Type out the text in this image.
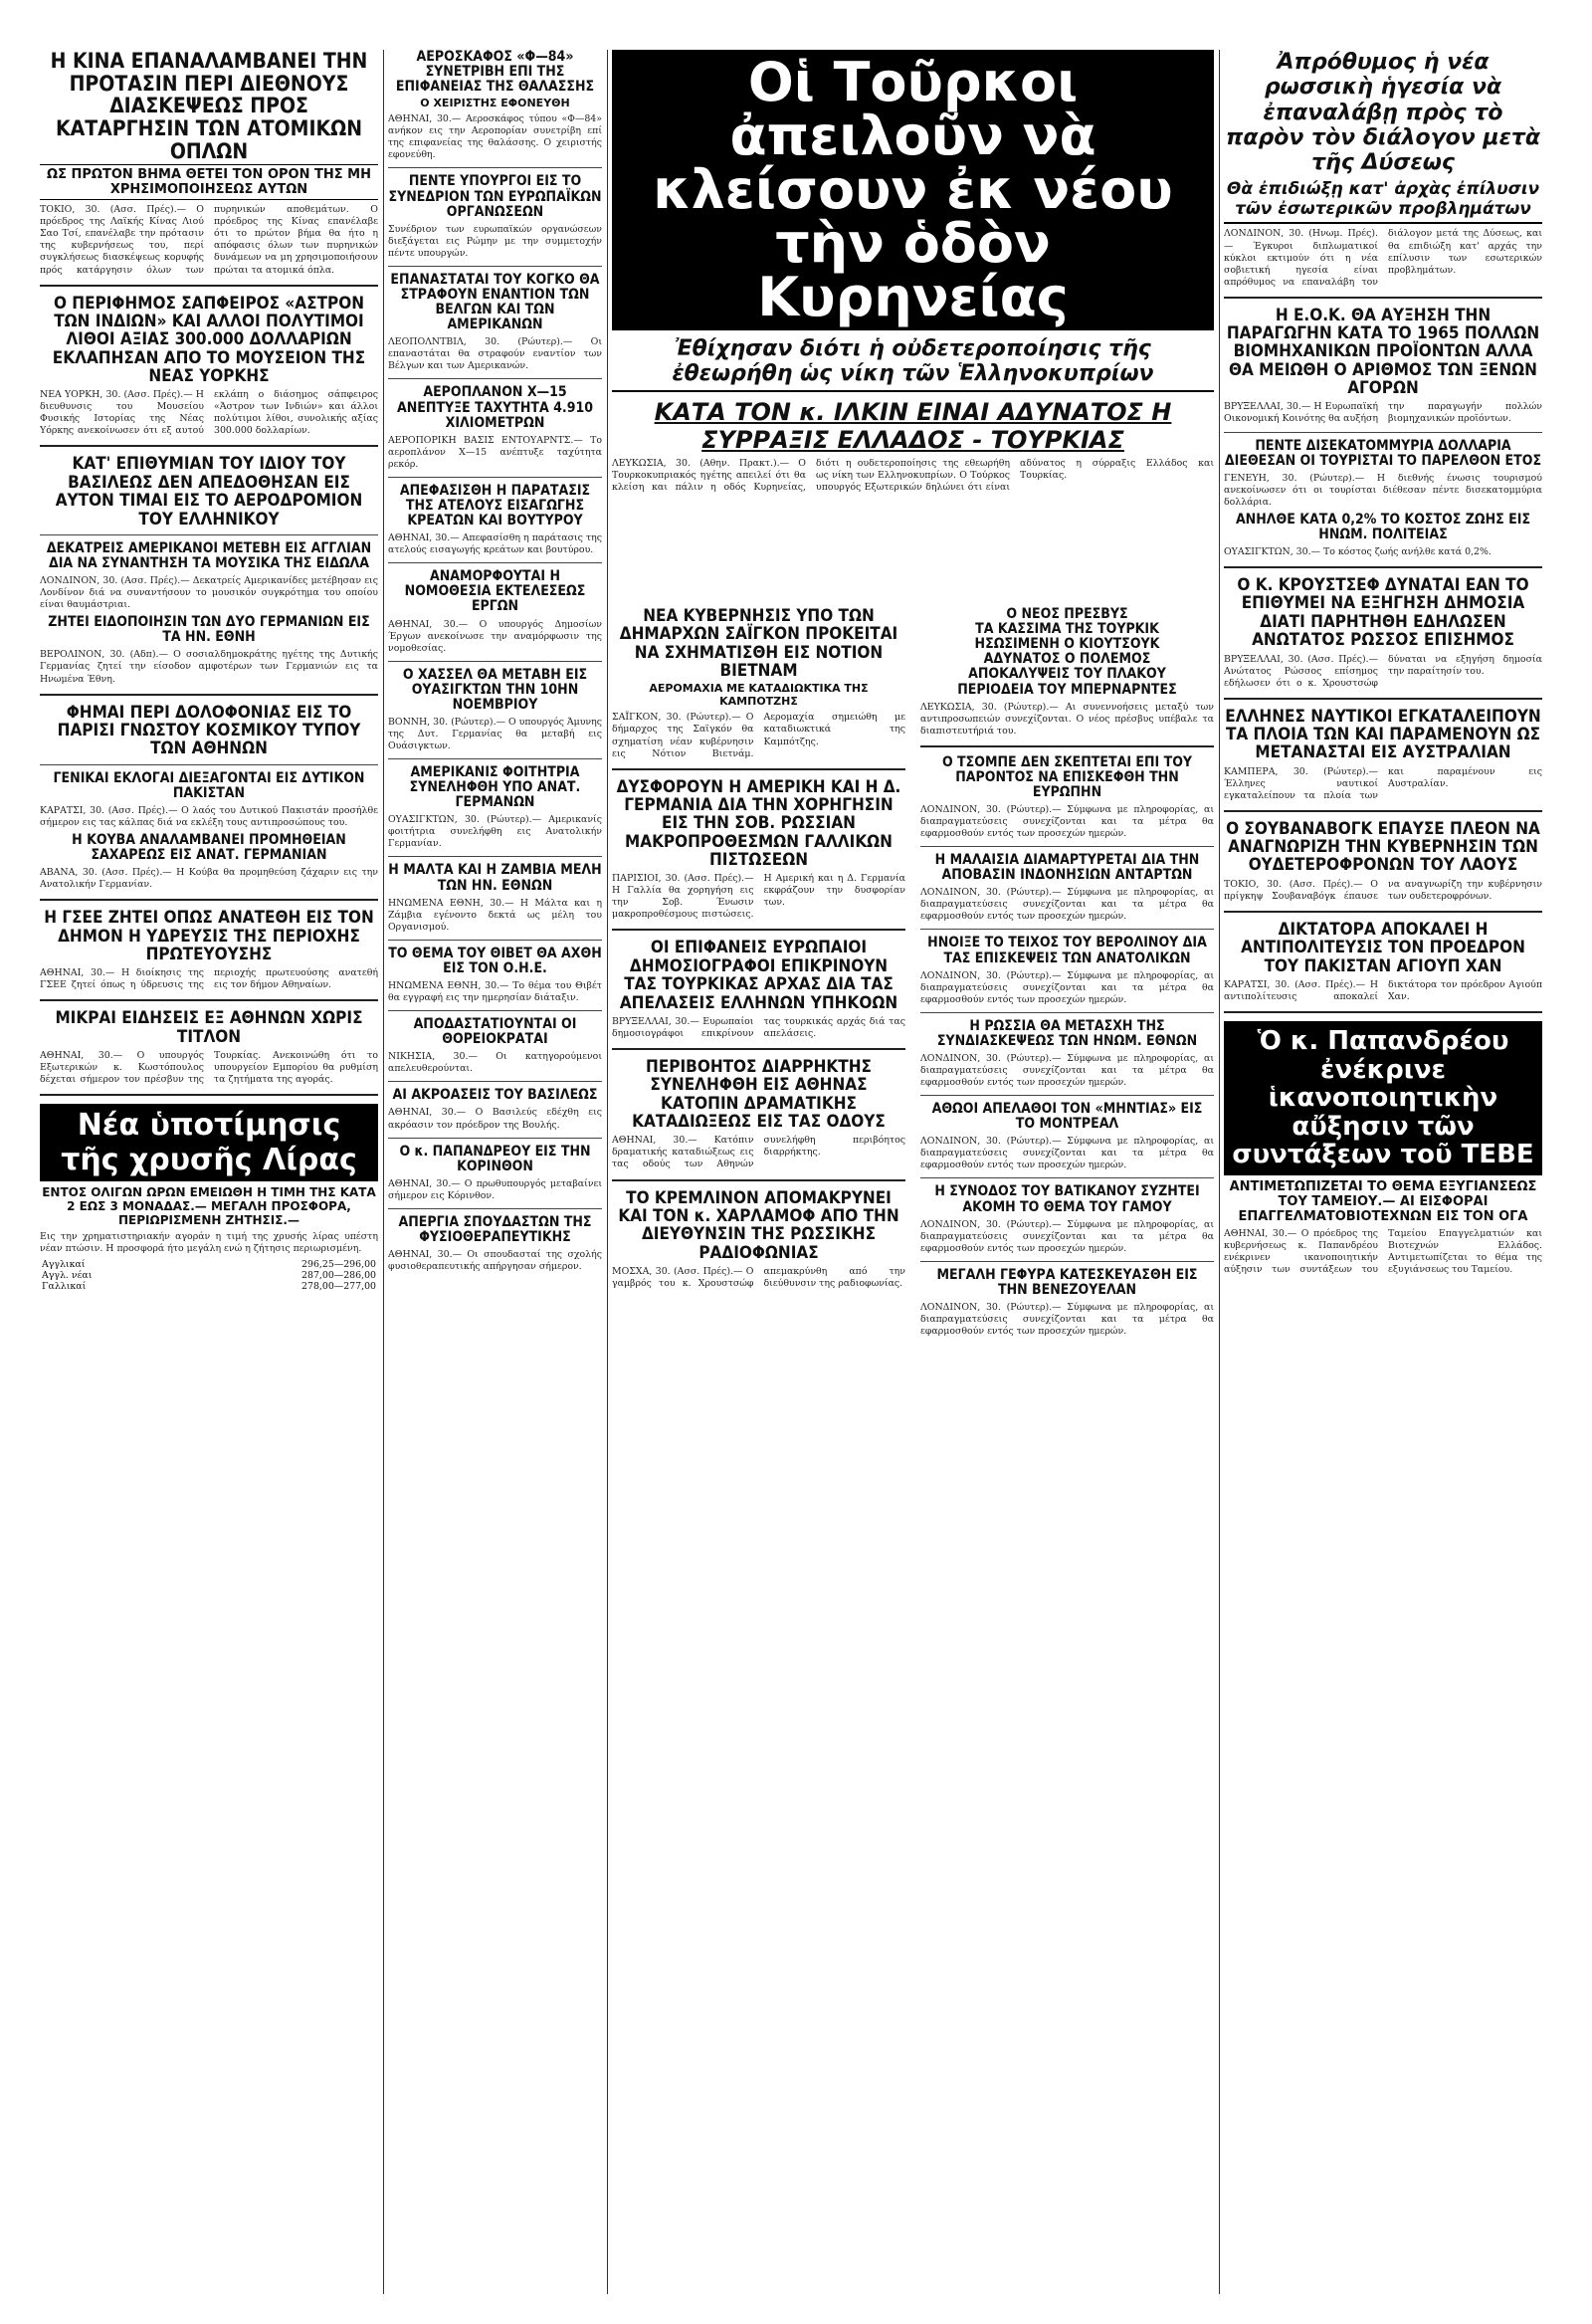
Η ΚΙΝΑ ΕΠΑΝΑΛΑΜΒΑΝΕΙ ΤΗΝ ΠΡΟΤΑΣΙΝ ΠΕΡΙ ΔΙΕΘΝΟΥΣ ΔΙΑΣΚΕΨΕΩΣ ΠΡΟΣ ΚΑΤΑΡΓΗΣΙΝ ΤΩΝ ΑΤΟΜΙΚΩΝ ΟΠΛΩΝ
ΩΣ ΠΡΩΤΟΝ ΒΗΜΑ ΘΕΤΕΙ ΤΟΝ ΟΡΟΝ ΤΗΣ ΜΗ ΧΡΗΣΙΜΟΠΟΙΗΣΕΩΣ ΑΥΤΩΝ

ΤΟΚΙΟ, 30. (Ασσ. Πρές).— Ο πρόεδρος της Λαϊκής Κίνας Λιού Σαο Τσί, επανέλαβε την πρότασιν της κυβερνήσεως του, περί συγκλήσεως διασκέψεως κορυφής πρός κατάργησιν όλων των πυρηνικών αποθεμάτων. Ο πρόεδρος της Κίνας επανέλαβε ότι το πρώτον βήμα θα ήτο η απόφασις όλων των πυρηνικών δυνάμεων να μη χρησιμοποιήσουν πρώται τα ατομικά όπλα.

Ο ΠΕΡΙΦΗΜΟΣ ΣΑΠΦΕΙΡΟΣ «ΑΣΤΡΟΝ ΤΩΝ ΙΝΔΙΩΝ» ΚΑΙ ΑΛΛΟΙ ΠΟΛΥΤΙΜΟΙ ΛΙΘΟΙ ΑΞΙΑΣ 300.000 ΔΟΛΛΑΡΙΩΝ ΕΚΛΑΠΗΣΑΝ ΑΠΟ ΤΟ ΜΟΥΣΕΙΟΝ ΤΗΣ ΝΕΑΣ ΥΟΡΚΗΣ

ΝΕΑ ΥΟΡΚΗ, 30. (Ασσ. Πρές).— Η διευθυνσις του Μουσείου Φυσικής Ιστορίας της Νέας Υόρκης ανεκοίνωσεν ότι εξ αυτού εκλάπη ο διάσημος σάπφειρος «Άστρον των Ινδιών» και άλλοι πολύτιμοι λίθοι, συνολικής αξίας 300.000 δολλαρίων.

ΚΑΤ' ΕΠΙΘΥΜΙΑΝ ΤΟΥ ΙΔΙΟΥ ΤΟΥ ΒΑΣΙΛΕΩΣ ΔΕΝ ΑΠΕΔΟΘΗΣΑΝ ΕΙΣ ΑΥΤΟΝ ΤΙΜΑΙ ΕΙΣ ΤΟ ΑΕΡΟΔΡΟΜΙΟΝ ΤΟΥ ΕΛΛΗΝΙΚΟΥ
ΔΕΚΑΤΡΕΙΣ ΑΜΕΡΙΚΑΝΟΙ ΜΕΤΕΒΗ ΕΙΣ ΑΓΓΛΙΑΝ ΔΙΑ ΝΑ ΣΥΝΑΝΤΗΣΗ ΤΑ ΜΟΥΣΙΚΑ ΤΗΣ ΕΙΔΩΛΑ

ΛΟΝΔΙΝΟΝ, 30. (Ασσ. Πρές).— Δεκατρείς Αμερικανίδες μετέβησαν εις Λονδίνον διά να συναντήσουν το μουσικόν συγκρότημα του οποίου είναι θαυμάστριαι.

ΖΗΤΕΙ ΕΙΔΟΠΟΙΗΣΙΝ ΤΩΝ ΔΥΟ ΓΕΡΜΑΝΙΩΝ ΕΙΣ ΤΑ ΗΝ. ΕΘΝΗ

ΒΕΡΟΛΙΝΟΝ, 30. (Αδπ).— Ο σοσιαλδημοκράτης ηγέτης της Δυτικής Γερμανίας ζητεί την είσοδον αμφοτέρων των Γερμανιών εις τα Ηνωμένα Έθνη.

ΦΗΜΑΙ ΠΕΡΙ ΔΟΛΟΦΟΝΙΑΣ ΕΙΣ ΤΟ ΠΑΡΙΣΙ ΓΝΩΣΤΟΥ ΚΟΣΜΙΚΟΥ ΤΥΠΟΥ ΤΩΝ ΑΘΗΝΩΝ
ΓΕΝΙΚΑΙ ΕΚΛΟΓΑΙ ΔΙΕΞΑΓΟΝΤΑΙ ΕΙΣ ΔΥΤΙΚΟΝ ΠΑΚΙΣΤΑΝ

ΚΑΡΑΤΣΙ, 30. (Ασσ. Πρές).— Ο λαός του Δυτικού Πακιστάν προσήλθε σήμερον εις τας κάλπας διά να εκλέξη τους αντιπροσώπους του.

Η ΚΟΥΒΑ ΑΝΑΛΑΜΒΑΝΕΙ ΠΡΟΜΗΘΕΙΑΝ ΣΑΧΑΡΕΩΣ ΕΙΣ ΑΝΑΤ. ΓΕΡΜΑΝΙΑΝ

ΑΒΑΝΑ, 30. (Ασσ. Πρές).— Η Κούβα θα προμηθεύση ζάχαριν εις την Ανατολικήν Γερμανίαν.

Η ΓΣΕΕ ΖΗΤΕΙ ΟΠΩΣ ΑΝΑΤΕΘΗ ΕΙΣ ΤΟΝ ΔΗΜΟΝ Η ΥΔΡΕΥΣΙΣ ΤΗΣ ΠΕΡΙΟΧΗΣ ΠΡΩΤΕΥΟΥΣΗΣ

ΑΘΗΝΑΙ, 30.— Η διοίκησις της ΓΣΕΕ ζητεί όπως η ύδρευσις της περιοχής πρωτευούσης ανατεθή εις τον δήμον Αθηναίων.

ΜΙΚΡΑΙ ΕΙΔΗΣΕΙΣ ΕΞ ΑΘΗΝΩΝ ΧΩΡΙΣ ΤΙΤΛΟΝ

ΑΘΗΝΑΙ, 30.— Ο υπουργός Εξωτερικών κ. Κωστόπουλος δέχεται σήμερον τον πρέσβυν της Τουρκίας. Ανεκοινώθη ότι το υπουργείον Εμπορίου θα ρυθμίση τα ζητήματα της αγοράς.

Νέα ὑποτίμησις τῆς χρυσῆς Λίρας
ΕΝΤΟΣ ΟΛΙΓΩΝ ΩΡΩΝ ΕΜΕΙΩΘΗ Η ΤΙΜΗ ΤΗΣ ΚΑΤΑ 2 ΕΩΣ 3 ΜΟΝΑΔΑΣ.— ΜΕΓΑΛΗ ΠΡΟΣΦΟΡΑ, ΠΕΡΙΩΡΙΣΜΕΝΗ ΖΗΤΗΣΙΣ.—

Εις την χρηματιστηριακήν αγοράν η τιμή της χρυσής λίρας υπέστη νέαν πτώσιν. Η προσφορά ήτο μεγάλη ενώ η ζήτησις περιωρισμένη.

Αγγλικαί	296,25—296,00
Αγγλ. νέαι	287,00—286,00
Γαλλικαί	278,00—277,00
ΑΕΡΟΣΚΑΦΟΣ «Φ—84» ΣΥΝΕΤΡΙΒΗ ΕΠΙ ΤΗΣ ΕΠΙΦΑΝΕΙΑΣ ΤΗΣ ΘΑΛΑΣΣΗΣ
Ο ΧΕΙΡΙΣΤΗΣ ΕΦΟΝΕΥΘΗ

ΑΘΗΝΑΙ, 30.— Αεροσκάφος τύπου «Φ—84» ανήκον εις την Αεροπορίαν συνετρίβη επί της επιφανείας της θαλάσσης. Ο χειριστής εφονεύθη.

ΠΕΝΤΕ ΥΠΟΥΡΓΟΙ ΕΙΣ ΤΟ ΣΥΝΕΔΡΙΟΝ ΤΩΝ ΕΥΡΩΠΑΪΚΩΝ ΟΡΓΑΝΩΣΕΩΝ

Συνέδριον των ευρωπαϊκών οργανώσεων διεξάγεται εις Ρώμην με την συμμετοχήν πέντε υπουργών.

ΕΠΑΝΑΣΤΑΤΑΙ ΤΟΥ ΚΟΓΚΟ ΘΑ ΣΤΡΑΦΟΥΝ ΕΝΑΝΤΙΟΝ ΤΩΝ ΒΕΛΓΩΝ ΚΑΙ ΤΩΝ ΑΜΕΡΙΚΑΝΩΝ

ΛΕΟΠΟΛΝΤΒΙΛ, 30. (Ρώυτερ).— Οι επαναστάται θα στραφούν εναντίον των Βέλγων και των Αμερικανών.

ΑΕΡΟΠΛΑΝΟΝ Χ—15 ΑΝΕΠΤΥΞΕ ΤΑΧΥΤΗΤΑ 4.910 ΧΙΛΙΟΜΕΤΡΩΝ

ΑΕΡΟΠΟΡΙΚΗ ΒΑΣΙΣ ΕΝΤΟΥΑΡΝΤΣ.— Το αεροπλάνον Χ—15 ανέπτυξε ταχύτητα ρεκόρ.

ΑΠΕΦΑΣΙΣΘΗ Η ΠΑΡΑΤΑΣΙΣ ΤΗΣ ΑΤΕΛΟΥΣ ΕΙΣΑΓΩΓΗΣ ΚΡΕΑΤΩΝ ΚΑΙ ΒΟΥΤΥΡΟΥ

ΑΘΗΝΑΙ, 30.— Απεφασίσθη η παράτασις της ατελούς εισαγωγής κρεάτων και βουτύρου.

ΑΝΑΜΟΡΦΟΥΤΑΙ Η ΝΟΜΟΘΕΣΙΑ ΕΚΤΕΛΕΣΕΩΣ ΕΡΓΩΝ

ΑΘΗΝΑΙ, 30.— Ο υπουργός Δημοσίων Έργων ανεκοίνωσε την αναμόρφωσιν της νομοθεσίας.

Ο ΧΑΣΣΕΛ ΘΑ ΜΕΤΑΒΗ ΕΙΣ ΟΥΑΣΙΓΚΤΩΝ ΤΗΝ 10ΗΝ ΝΟΕΜΒΡΙΟΥ

ΒΟΝΝΗ, 30. (Ρώυτερ).— Ο υπουργός Άμυνης της Δυτ. Γερμανίας θα μεταβή εις Ουάσιγκτων.

ΑΜΕΡΙΚΑΝΙΣ ΦΟΙΤΗΤΡΙΑ ΣΥΝΕΛΗΦΘΗ ΥΠΟ ΑΝΑΤ. ΓΕΡΜΑΝΩΝ

ΟΥΑΣΙΓΚΤΩΝ, 30. (Ρώυτερ).— Αμερικανίς φοιτήτρια συνελήφθη εις Ανατολικήν Γερμανίαν.

Η ΜΑΛΤΑ ΚΑΙ Η ΖΑΜΒΙΑ ΜΕΛΗ ΤΩΝ ΗΝ. ΕΘΝΩΝ

ΗΝΩΜΕΝΑ ΕΘΝΗ, 30.— Η Μάλτα και η Ζάμβια εγένοντο δεκτά ως μέλη του Οργανισμού.

ΤΟ ΘΕΜΑ ΤΟΥ ΘΙΒΕΤ ΘΑ ΑΧΘΗ ΕΙΣ ΤΟΝ Ο.Η.Ε.

ΗΝΩΜΕΝΑ ΕΘΝΗ, 30.— Το θέμα του Θιβέτ θα εγγραφή εις την ημερησίαν διάταξιν.

ΑΠΟΔΑΣΤΑΤΙΟΥΝΤΑΙ ΟΙ ΘΟΡΕΙΟΚΡΑΤΑΙ

ΝΙΚΗΣΙΑ, 30.— Οι κατηγορούμενοι απελευθερούνται.

ΑΙ ΑΚΡΟΑΣΕΙΣ ΤΟΥ ΒΑΣΙΛΕΩΣ

ΑΘΗΝΑΙ, 30.— Ο Βασιλεύς εδέχθη εις ακρόασιν τον πρόεδρον της Βουλής.

Ο κ. ΠΑΠΑΝΔΡΕΟΥ ΕΙΣ ΤΗΝ ΚΟΡΙΝΘΟΝ

ΑΘΗΝΑΙ, 30.— Ο πρωθυπουργός μεταβαίνει σήμερον εις Κόρινθον.

ΑΠΕΡΓΙΑ ΣΠΟΥΔΑΣΤΩΝ ΤΗΣ ΦΥΣΙΟΘΕΡΑΠΕΥΤΙΚΗΣ

ΑΘΗΝΑΙ, 30.— Οι σπουδασταί της σχολής φυσιοθεραπευτικής απήργησαν σήμερον.

Οἱ Τοῦρκοι ἀπειλοῦν νὰ κλείσουν ἐκ νέου τὴν ὁδὸν Κυρηνείας
Ἐθίχησαν διότι ἡ οὐδετεροποίησις τῆς
ἐθεωρήθη ὡς νίκη τῶν Ἑλληνοκυπρίων
ΚΑΤΑ ΤΟΝ κ. ΙΛΚΙΝ ΕΙΝΑΙ ΑΔΥΝΑΤΟΣ Η ΣΥΡΡΑΞΙΣ ΕΛΛΑΔΟΣ - ΤΟΥΡΚΙΑΣ

ΛΕΥΚΩΣΙΑ, 30. (Αθην. Πρακτ.).— Ο Τουρκοκυπριακός ηγέτης απειλεί ότι θα κλείση και πάλιν η οδός Κυρηνείας, διότι η ουδετεροποίησις της εθεωρήθη ως νίκη των Ελληνοκυπρίων. Ο Τούρκος υπουργός Εξωτερικών δηλώνει ότι είναι αδύνατος η σύρραξις Ελλάδος και Τουρκίας.

ΝΕΑ ΚΥΒΕΡΝΗΣΙΣ ΥΠΟ ΤΩΝ ΔΗΜΑΡΧΩΝ ΣΑΪΓΚΟΝ ΠΡΟΚΕΙΤΑΙ ΝΑ ΣΧΗΜΑΤΙΣΘΗ ΕΙΣ ΝΟΤΙΟΝ ΒΙΕΤΝΑΜ
ΑΕΡΟΜΑΧΙΑ ΜΕ ΚΑΤΑΔΙΩΚΤΙΚΑ ΤΗΣ ΚΑΜΠΟΤΖΗΣ

ΣΑΪΓΚΟΝ, 30. (Ρώυτερ).— Ο δήμαρχος της Σαϊγκόν θα σχηματίση νέαν κυβέρνησιν εις Νότιον Βιετνάμ. Αερομαχία σημειώθη με καταδιωκτικά της Καμπότζης.

ΔΥΣΦΟΡΟΥΝ Η ΑΜΕΡΙΚΗ ΚΑΙ Η Δ. ΓΕΡΜΑΝΙΑ ΔΙΑ ΤΗΝ ΧΟΡΗΓΗΣΙΝ ΕΙΣ ΤΗΝ ΣΟΒ. ΡΩΣΣΙΑΝ ΜΑΚΡΟΠΡΟΘΕΣΜΩΝ ΓΑΛΛΙΚΩΝ ΠΙΣΤΩΣΕΩΝ

ΠΑΡΙΣΙΟΙ, 30. (Ασσ. Πρές).— Η Γαλλία θα χορηγήση εις την Σοβ. Ένωσιν μακροπροθέσμους πιστώσεις. Η Αμερική και η Δ. Γερμανία εκφράζουν την δυσφορίαν των.

ΟΙ ΕΠΙΦΑΝΕΙΣ ΕΥΡΩΠΑΙΟΙ ΔΗΜΟΣΙΟΓΡΑΦΟΙ ΕΠΙΚΡΙΝΟΥΝ ΤΑΣ ΤΟΥΡΚΙΚΑΣ ΑΡΧΑΣ ΔΙΑ ΤΑΣ ΑΠΕΛΑΣΕΙΣ ΕΛΛΗΝΩΝ ΥΠΗΚΟΩΝ

ΒΡΥΞΕΛΛΑΙ, 30.— Ευρωπαίοι δημοσιογράφοι επικρίνουν τας τουρκικάς αρχάς διά τας απελάσεις.

ΠΕΡΙΒΟΗΤΟΣ ΔΙΑΡΡΗΚΤΗΣ ΣΥΝΕΛΗΦΘΗ ΕΙΣ ΑΘΗΝΑΣ ΚΑΤΟΠΙΝ ΔΡΑΜΑΤΙΚΗΣ ΚΑΤΑΔΙΩΞΕΩΣ ΕΙΣ ΤΑΣ ΟΔΟΥΣ

ΑΘΗΝΑΙ, 30.— Κατόπιν δραματικής καταδιώξεως εις τας οδούς των Αθηνών συνελήφθη περιβόητος διαρρήκτης.

ΤΟ ΚΡΕΜΛΙΝΟΝ ΑΠΟΜΑΚΡΥΝΕΙ ΚΑΙ ΤΟΝ κ. ΧΑΡΛΑΜΟΦ ΑΠΟ ΤΗΝ ΔΙΕΥΘΥΝΣΙΝ ΤΗΣ ΡΩΣΣΙΚΗΣ ΡΑΔΙΟΦΩΝΙΑΣ

ΜΟΣΧΑ, 30. (Ασσ. Πρές).— Ο γαμβρός του κ. Χρουστσώφ απεμακρύνθη από την διεύθυνσιν της ραδιοφωνίας.

Ο ΝΕΟΣ ΠΡΕΣΒΥΣ
ΤΑ ΚΑΣΣΙΜΑ ΤΗΣ ΤΟΥΡΚΙΚ
ΗΣΩΣΙΜΕΝΗ Ο ΚΙΟΥΤΣΟΥΚ
ΑΔΥΝΑΤΟΣ Ο ΠΟΛΕΜΟΣ
ΑΠΟΚΑΛΥΨΕΙΣ ΤΟΥ ΠΛΑΚΟΥ
ΠΕΡΙΟΔΕΙΑ ΤΟΥ ΜΠΕΡΝΑΡΝΤΕΣ

ΛΕΥΚΩΣΙΑ, 30. (Ρώυτερ).— Αι συνεννοήσεις μεταξύ των αντιπροσωπειών συνεχίζονται. Ο νέος πρέσβυς υπέβαλε τα διαπιστευτήριά του.

Ο ΤΣΟΜΠΕ ΔΕΝ ΣΚΕΠΤΕΤΑΙ ΕΠΙ ΤΟΥ ΠΑΡΟΝΤΟΣ ΝΑ ΕΠΙΣΚΕΦΘΗ ΤΗΝ ΕΥΡΩΠΗΝ

ΛΟΝΔΙΝΟΝ, 30. (Ρώυτερ).— Σύμφωνα με πληροφορίας, αι διαπραγματεύσεις συνεχίζονται και τα μέτρα θα εφαρμοσθούν εντός των προσεχών ημερών.

Η ΜΑΛΑΙΣΙΑ ΔΙΑΜΑΡΤΥΡΕΤΑΙ ΔΙΑ ΤΗΝ ΑΠΟΒΑΣΙΝ ΙΝΔΟΝΗΣΙΩΝ ΑΝΤΑΡΤΩΝ

ΛΟΝΔΙΝΟΝ, 30. (Ρώυτερ).— Σύμφωνα με πληροφορίας, αι διαπραγματεύσεις συνεχίζονται και τα μέτρα θα εφαρμοσθούν εντός των προσεχών ημερών.

ΗΝΟΙΞΕ ΤΟ ΤΕΙΧΟΣ ΤΟΥ ΒΕΡΟΛΙΝΟΥ ΔΙΑ ΤΑΣ ΕΠΙΣΚΕΨΕΙΣ ΤΩΝ ΑΝΑΤΟΛΙΚΩΝ

ΛΟΝΔΙΝΟΝ, 30. (Ρώυτερ).— Σύμφωνα με πληροφορίας, αι διαπραγματεύσεις συνεχίζονται και τα μέτρα θα εφαρμοσθούν εντός των προσεχών ημερών.

Η ΡΩΣΣΙΑ ΘΑ ΜΕΤΑΣΧΗ ΤΗΣ ΣΥΝΔΙΑΣΚΕΨΕΩΣ ΤΩΝ ΗΝΩΜ. ΕΘΝΩΝ

ΛΟΝΔΙΝΟΝ, 30. (Ρώυτερ).— Σύμφωνα με πληροφορίας, αι διαπραγματεύσεις συνεχίζονται και τα μέτρα θα εφαρμοσθούν εντός των προσεχών ημερών.

ΑΘΩΟΙ ΑΠΕΛΑΘΟΙ ΤΟΝ «ΜΗΝΤΙΑΣ» ΕΙΣ ΤΟ ΜΟΝΤΡΕΑΛ

ΛΟΝΔΙΝΟΝ, 30. (Ρώυτερ).— Σύμφωνα με πληροφορίας, αι διαπραγματεύσεις συνεχίζονται και τα μέτρα θα εφαρμοσθούν εντός των προσεχών ημερών.

Η ΣΥΝΟΔΟΣ ΤΟΥ ΒΑΤΙΚΑΝΟΥ ΣΥΖΗΤΕΙ ΑΚΟΜΗ ΤΟ ΘΕΜΑ ΤΟΥ ΓΑΜΟΥ

ΛΟΝΔΙΝΟΝ, 30. (Ρώυτερ).— Σύμφωνα με πληροφορίας, αι διαπραγματεύσεις συνεχίζονται και τα μέτρα θα εφαρμοσθούν εντός των προσεχών ημερών.

ΜΕΓΑΛΗ ΓΕΦΥΡΑ ΚΑΤΕΣΚΕΥΑΣΘΗ ΕΙΣ ΤΗΝ ΒΕΝΕΖΟΥΕΛΑΝ

ΛΟΝΔΙΝΟΝ, 30. (Ρώυτερ).— Σύμφωνα με πληροφορίας, αι διαπραγματεύσεις συνεχίζονται και τα μέτρα θα εφαρμοσθούν εντός των προσεχών ημερών.

Ἀπρόθυμος ἡ νέα ρωσσικὴ ἡγεσία νὰ ἐπαναλάβῃ πρὸς τὸ παρὸν τὸν διάλογον μετὰ τῆς Δύσεως
Θὰ ἐπιδιώξῃ κατ' ἀρχὰς ἐπίλυσιν
τῶν ἐσωτερικῶν προβλημάτων

ΛΟΝΔΙΝΟΝ, 30. (Ηνωμ. Πρές).— Έγκυροι διπλωματικοί κύκλοι εκτιμούν ότι η νέα σοβιετική ηγεσία είναι απρόθυμος να επαναλάβη τον διάλογον μετά της Δύσεως, και θα επιδιώξη κατ' αρχάς την επίλυσιν των εσωτερικών προβλημάτων.

Η Ε.Ο.Κ. ΘΑ ΑΥΞΗΣΗ ΤΗΝ ΠΑΡΑΓΩΓΗΝ ΚΑΤΑ ΤΟ 1965 ΠΟΛΛΩΝ ΒΙΟΜΗΧΑΝΙΚΩΝ ΠΡΟΪΟΝΤΩΝ ΑΛΛΑ ΘΑ ΜΕΙΩΘΗ Ο ΑΡΙΘΜΟΣ ΤΩΝ ΞΕΝΩΝ ΑΓΟΡΩΝ

ΒΡΥΞΕΛΛΑΙ, 30.— Η Ευρωπαϊκή Οικονομική Κοινότης θα αυξήση την παραγωγήν πολλών βιομηχανικών προϊόντων.

ΠΕΝΤΕ ΔΙΣΕΚΑΤΟΜΜΥΡΙΑ ΔΟΛΛΑΡΙΑ ΔΙΕΘΕΣΑΝ ΟΙ ΤΟΥΡΙΣΤΑΙ ΤΟ ΠΑΡΕΛΘΟΝ ΕΤΟΣ

ΓΕΝΕΥΗ, 30. (Ρώυτερ).— Η διεθνής ένωσις τουρισμού ανεκοίνωσεν ότι οι τουρίσται διέθεσαν πέντε δισεκατομμύρια δολλάρια.

ΑΝΗΛΘΕ ΚΑΤΑ 0,2% ΤΟ ΚΟΣΤΟΣ ΖΩΗΣ ΕΙΣ ΗΝΩΜ. ΠΟΛΙΤΕΙΑΣ

ΟΥΑΣΙΓΚΤΩΝ, 30.— Το κόστος ζωής ανήλθε κατά 0,2%.

Ο Κ. ΚΡΟΥΣΤΣΕΦ ΔΥΝΑΤΑΙ ΕΑΝ ΤΟ ΕΠΙΘΥΜΕΙ ΝΑ ΕΞΗΓΗΣΗ ΔΗΜΟΣΙΑ ΔΙΑΤΙ ΠΑΡΗΤΗΘΗ ΕΔΗΛΩΣΕΝ ΑΝΩΤΑΤΟΣ ΡΩΣΣΟΣ ΕΠΙΣΗΜΟΣ

ΒΡΥΞΕΛΛΑΙ, 30. (Ασσ. Πρές).— Ανώτατος Ρώσσος επίσημος εδήλωσεν ότι ο κ. Χρουστσώφ δύναται να εξηγήση δημοσία την παραίτησίν του.

ΕΛΛΗΝΕΣ ΝΑΥΤΙΚΟΙ ΕΓΚΑΤΑΛΕΙΠΟΥΝ ΤΑ ΠΛΟΙΑ ΤΩΝ ΚΑΙ ΠΑΡΑΜΕΝΟΥΝ ΩΣ ΜΕΤΑΝΑΣΤΑΙ ΕΙΣ ΑΥΣΤΡΑΛΙΑΝ

ΚΑΜΠΕΡΑ, 30. (Ρώυτερ).— Έλληνες ναυτικοί εγκαταλείπουν τα πλοία των και παραμένουν εις Αυστραλίαν.

Ο ΣΟΥΒΑΝΑΒΟΓΚ ΕΠΑΥΣΕ ΠΛΕΟΝ ΝΑ ΑΝΑΓΝΩΡΙΖΗ ΤΗΝ ΚΥΒΕΡΝΗΣΙΝ ΤΩΝ ΟΥΔΕΤΕΡΟΦΡΟΝΩΝ ΤΟΥ ΛΑΟΥΣ

ΤΟΚΙΟ, 30. (Ασσ. Πρές).— Ο πρίγκηψ Σουβαναβόγκ έπαυσε να αναγνωρίζη την κυβέρνησιν των ουδετεροφρόνων.

ΔΙΚΤΑΤΟΡΑ ΑΠΟΚΑΛΕΙ Η ΑΝΤΙΠΟΛΙΤΕΥΣΙΣ ΤΟΝ ΠΡΟΕΔΡΟΝ ΤΟΥ ΠΑΚΙΣΤΑΝ ΑΓΙΟΥΠ ΧΑΝ

ΚΑΡΑΤΣΙ, 30. (Ασσ. Πρές).— Η αντιπολίτευσις αποκαλεί δικτάτορα τον πρόεδρον Αγιούπ Χαν.

Ὁ κ. Παπανδρέου ἐνέκρινε ἱκανοποιητικὴν αὔξησιν τῶν συντάξεων τοῦ ΤΕΒΕ
ΑΝΤΙΜΕΤΩΠΙΖΕΤΑΙ ΤΟ ΘΕΜΑ ΕΞΥΓΙΑΝΣΕΩΣ ΤΟΥ ΤΑΜΕΙΟΥ.— ΑΙ ΕΙΣΦΟΡΑΙ ΕΠΑΓΓΕΛΜΑΤΟΒΙΟΤΕΧΝΩΝ ΕΙΣ ΤΟΝ ΟΓΑ

ΑΘΗΝΑΙ, 30.— Ο πρόεδρος της κυβερνήσεως κ. Παπανδρέου ενέκρινεν ικανοποιητικήν αύξησιν των συντάξεων του Ταμείου Επαγγελματιών και Βιοτεχνών Ελλάδος. Αντιμετωπίζεται το θέμα της εξυγιάνσεως του Ταμείου.
